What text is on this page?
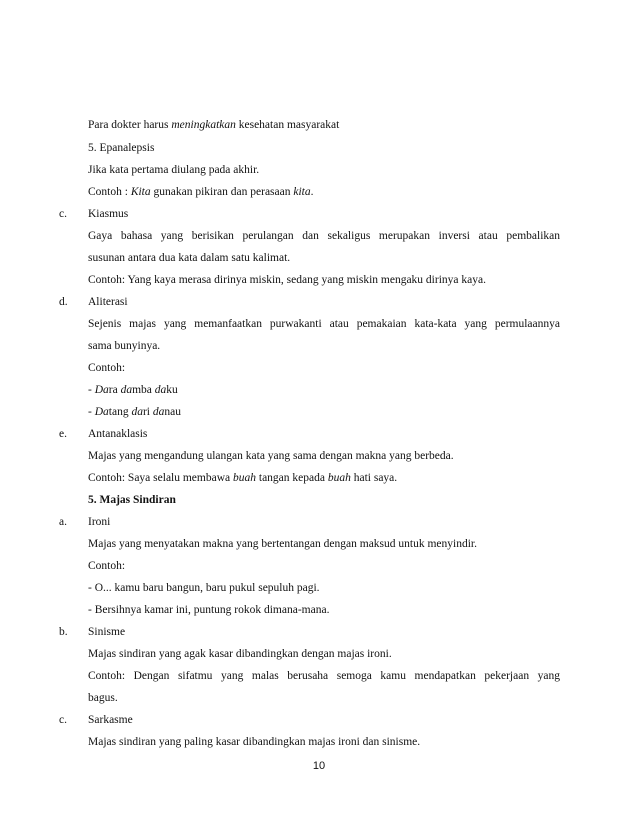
Para dokter harus meningkatkan kesehatan masyarakat
5. Epanalepsis
Jika kata pertama diulang pada akhir.
Contoh : Kita gunakan pikiran dan perasaan kita.
c. Kiasmus
Gaya bahasa yang berisikan perulangan dan sekaligus merupakan inversi atau pembalikan
susunan antara dua kata dalam satu kalimat.
Contoh: Yang kaya merasa dirinya miskin, sedang yang miskin mengaku dirinya kaya.
d. Aliterasi
Sejenis majas yang memanfaatkan purwakanti atau pemakaian kata-kata yang permulaannya
sama bunyinya.
Contoh:
- Dara damba daku
- Datang dari danau
e. Antanaklasis
Majas yang mengandung ulangan kata yang sama dengan makna yang berbeda.
Contoh: Saya selalu membawa buah tangan kepada buah hati saya.
5. Majas Sindiran
a. Ironi
Majas yang menyatakan makna yang bertentangan dengan maksud untuk menyindir.
Contoh:
- O... kamu baru bangun, baru pukul sepuluh pagi.
- Bersihnya kamar ini, puntung rokok dimana-mana.
b. Sinisme
Majas sindiran yang agak kasar dibandingkan dengan majas ironi.
Contoh: Dengan sifatmu yang malas berusaha semoga kamu mendapatkan pekerjaan yang
bagus.
c. Sarkasme
Majas sindiran yang paling kasar dibandingkan majas ironi dan sinisme.
10
